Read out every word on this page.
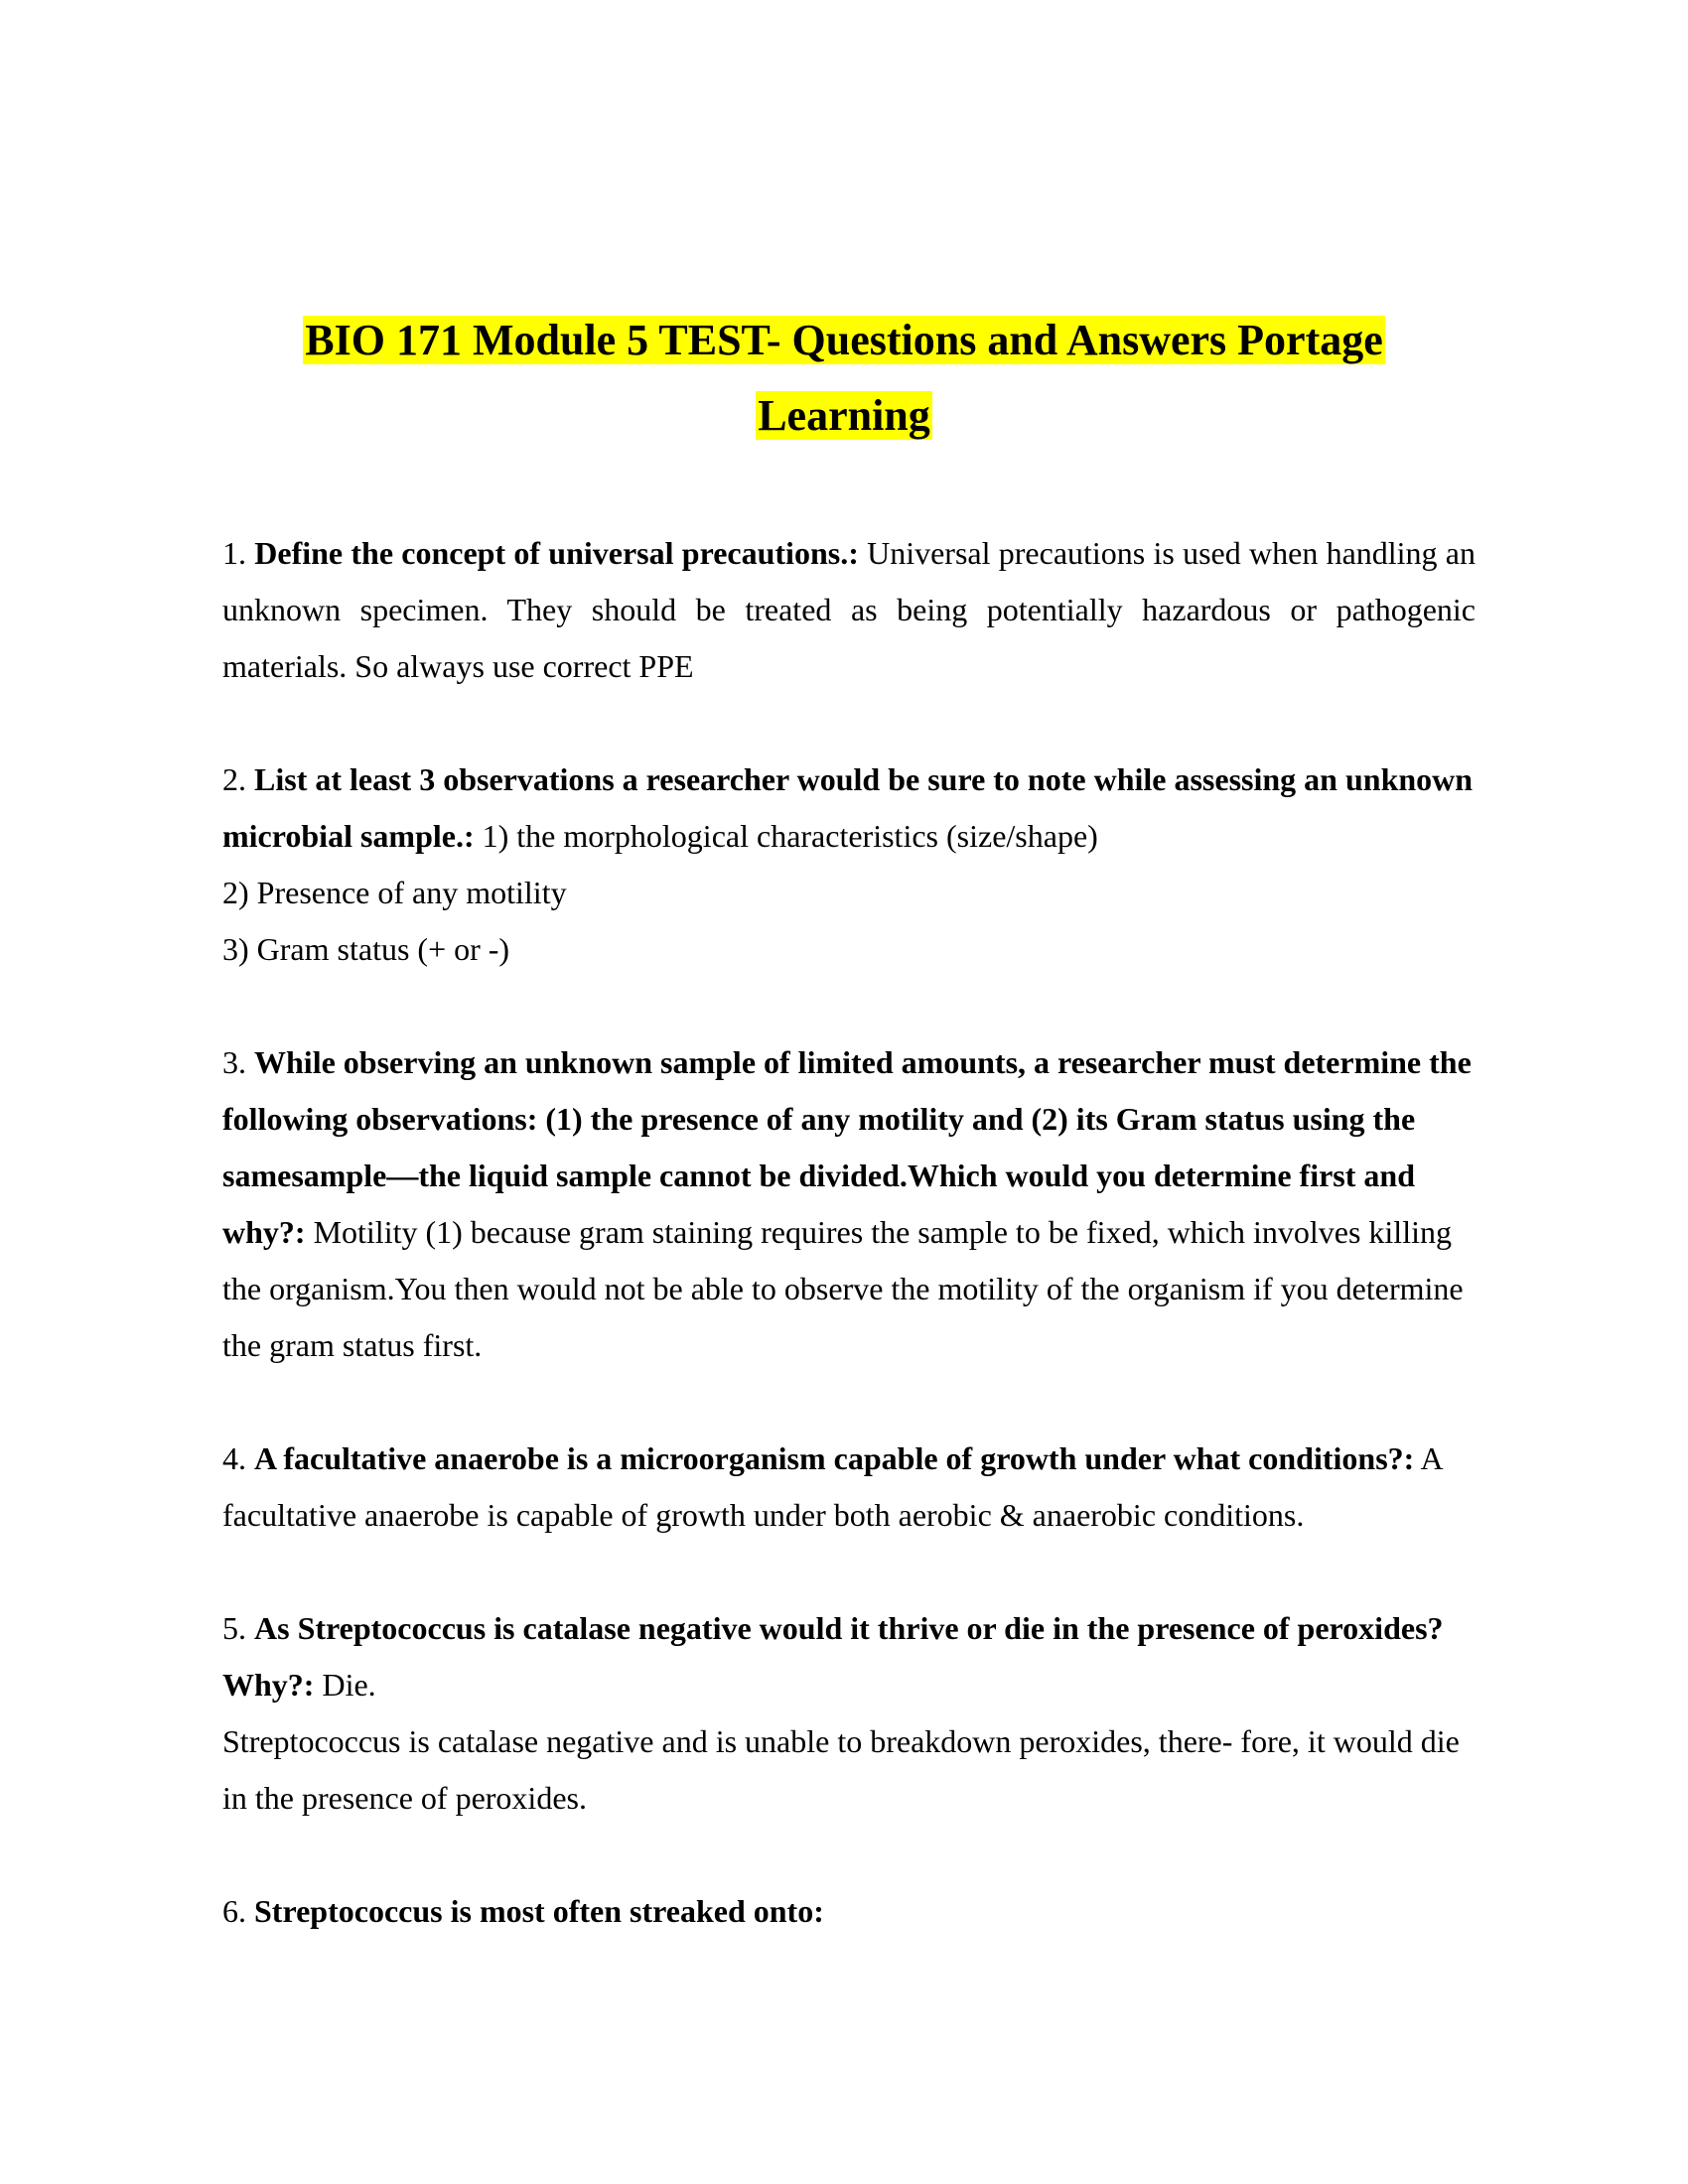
BIO 171 Module 5 TEST- Questions and Answers Portage
Learning

1. Define the concept of universal precautions.: Universal precautions is used when handling an unknown specimen. They should be treated as being potentially hazardous or pathogenic materials. So always use correct PPE

2. List at least 3 observations a researcher would be sure to note while assessing an unknown microbial sample.: 1) the morphological characteristics (size/shape)

2) Presence of any motility

3) Gram status (+ or -)

3. While observing an unknown sample of limited amounts, a researcher must determine the following observations: (1) the presence of any motility and (2) its Gram status using the samesample—the liquid sample cannot be divided.Which would you determine first and why?: Motility (1) because gram staining requires the sample to be fixed, which involves killing the organism.You then would not be able to observe the motility of the organism if you determine the gram status first.

4. A facultative anaerobe is a microorganism capable of growth under what conditions?: A facultative anaerobe is capable of growth under both aerobic & anaerobic conditions.

5. As Streptococcus is catalase negative would it thrive or die in the presence of peroxides?

Why?: Die.

Streptococcus is catalase negative and is unable to breakdown peroxides, there- fore, it would die in the presence of peroxides.

6. Streptococcus is most often streaked onto:
